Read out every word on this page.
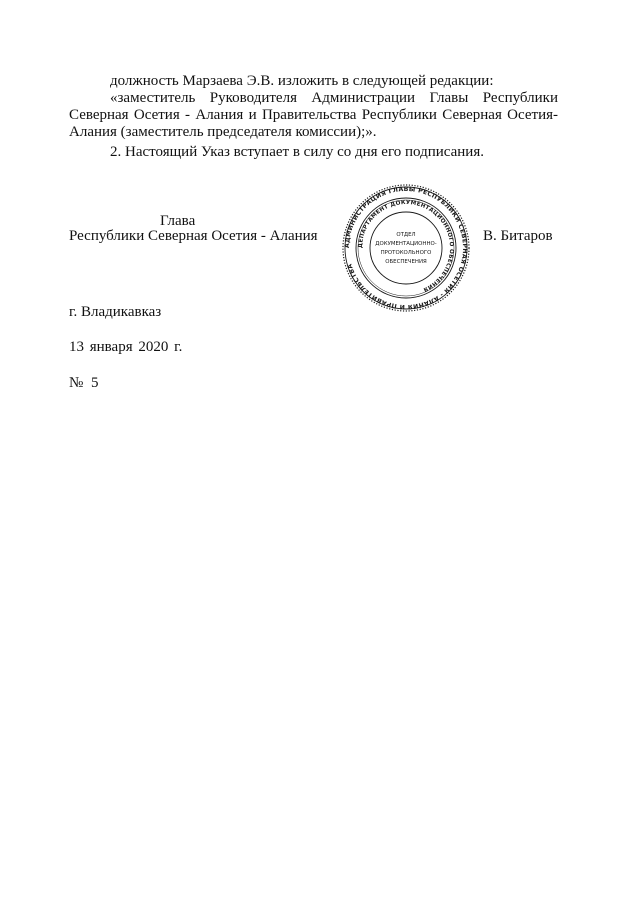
должность Марзаева Э.В. изложить в следующей редакции:
«заместитель Руководителя Администрации Главы Республики
Северная Осетия - Алания и Правительства Республики Северная Осетия-
Алания (заместитель председателя комиссии);».
2. Настоящий Указ вступает в силу со дня его подписания.
Глава
Республики Северная Осетия - Алания	В. Битаров
АДМИНИСТРАЦИЯ ГЛАВЫ РЕСПУБЛИКИ СЕВЕРНАЯ ОСЕТИЯ - АЛАНИЯ И ПРАВИТЕЛЬСТВА
ДЕПАРТАМЕНТ ДОКУМЕНТАЦИОННОГО ОБЕСПЕЧЕНИЯ
ОТДЕЛ
ДОКУМЕНТАЦИОННО-
ПРОТОКОЛЬНОГО
ОБЕСПЕЧЕНИЯ
г. Владикавказ
13 января 2020 г.
№ 5
